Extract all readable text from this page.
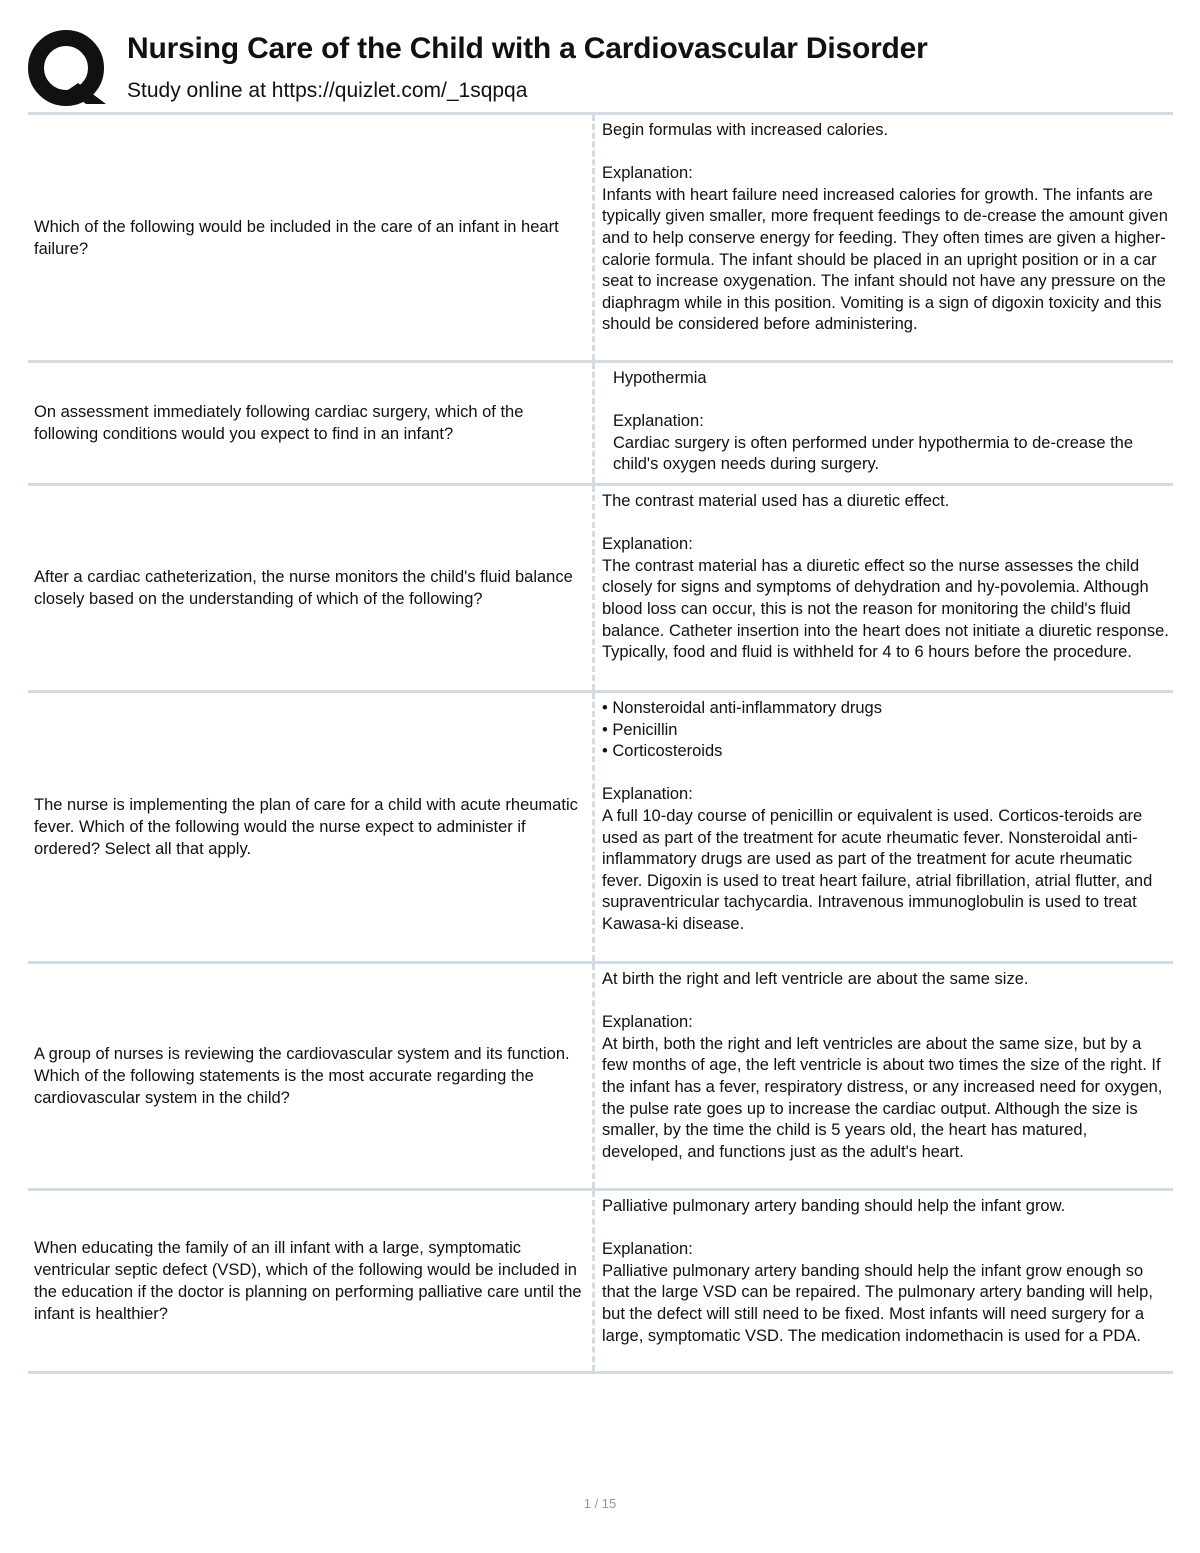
Nursing Care of the Child with a Cardiovascular Disorder
Study online at https://quizlet.com/_1sqpqa
Which of the following would be included in the care of an infant in heart failure?
Begin formulas with increased calories.
Explanation:
Infants with heart failure need increased calories for growth. The infants are typically given smaller, more frequent feedings to de-crease the amount given and to help conserve energy for feeding. They often times are given a higher-calorie formula. The infant should be placed in an upright position or in a car seat to increase oxygenation. The infant should not have any pressure on the diaphragm while in this position. Vomiting is a sign of digoxin toxicity and this should be considered before administering.
On assessment immediately following cardiac surgery, which of the following conditions would you expect to find in an infant?
Hypothermia
Explanation:
Cardiac surgery is often performed under hypothermia to de-crease the child's oxygen needs during surgery.
After a cardiac catheterization, the nurse monitors the child's fluid balance closely based on the understanding of which of the following?
The contrast material used has a diuretic effect.
Explanation:
The contrast material has a diuretic effect so the nurse assesses the child closely for signs and symptoms of dehydration and hy-povolemia. Although blood loss can occur, this is not the reason for monitoring the child's fluid balance. Catheter insertion into the heart does not initiate a diuretic response. Typically, food and fluid is withheld for 4 to 6 hours before the procedure.
The nurse is implementing the plan of care for a child with acute rheumatic fever. Which of the following would the nurse expect to administer if ordered? Select all that apply.
• Nonsteroidal anti-inflammatory drugs
• Penicillin
• Corticosteroids
Explanation:
A full 10-day course of penicillin or equivalent is used. Corticos-teroids are used as part of the treatment for acute rheumatic fever. Nonsteroidal anti-inflammatory drugs are used as part of the treatment for acute rheumatic fever. Digoxin is used to treat heart failure, atrial fibrillation, atrial flutter, and supraventricular tachycardia. Intravenous immunoglobulin is used to treat Kawasa-ki disease.
A group of nurses is reviewing the cardiovascular system and its function. Which of the following statements is the most accurate regarding the cardiovascular system in the child?
At birth the right and left ventricle are about the same size.
Explanation:
At birth, both the right and left ventricles are about the same size, but by a few months of age, the left ventricle is about two times the size of the right. If the infant has a fever, respiratory distress, or any increased need for oxygen, the pulse rate goes up to increase the cardiac output. Although the size is smaller, by the time the child is 5 years old, the heart has matured, developed, and functions just as the adult's heart.
When educating the family of an ill infant with a large, symptomatic ventricular septic defect (VSD), which of the following would be included in the education if the doctor is planning on performing palliative care until the infant is healthier?
Palliative pulmonary artery banding should help the infant grow.
Explanation:
Palliative pulmonary artery banding should help the infant grow enough so that the large VSD can be repaired. The pulmonary artery banding will help, but the defect will still need to be fixed. Most infants will need surgery for a large, symptomatic VSD. The medication indomethacin is used for a PDA.
1 / 15
